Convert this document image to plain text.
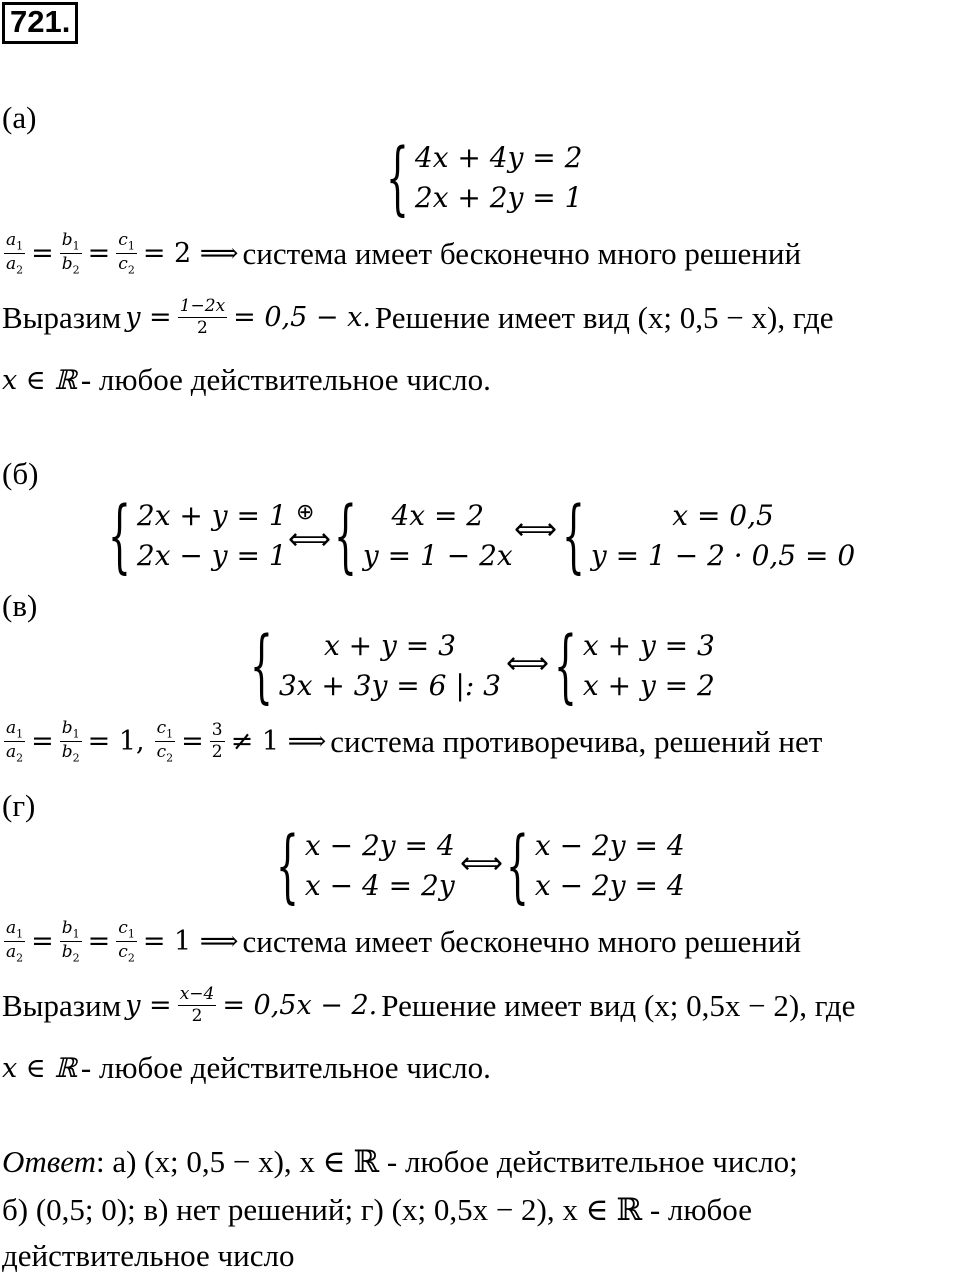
721.
(а)
{ 4x + 4y = 2
2x + 2y = 1
$\frac{a_1}{a_2} = \frac{b_1}{b_2} = \frac{c_1}{c_2} = 2$ ⟹ система имеет бесконечно много решений
Выразим $y = \frac{1-2x}{2} = 0,5 - x$. Решение имеет вид (x; 0,5 − x), где
x ∈ ℝ - любое действительное число.
(б)
{ 2x + y = 1
2x − y = 1
⊕
⟺ {	4x = 2
y = 1 − 2x
⟺ {	x = 0,5
y = 1 − 2 · 0,5 = 0
(в)
{	x + y = 3
3x + 3y = 6 |: 3
⟺ { x + y = 3
x + y = 2
$\frac{a_1}{a_2} = \frac{b_1}{b_2} = 1$, $\frac{c_1}{c_2} = \frac{3}{2} \ne 1$ ⟹ система противоречива, решений нет
(г)
{ x − 2y = 4
x − 4 = 2y
⟺ { x − 2y = 4
x − 2y = 4
$\frac{a_1}{a_2} = \frac{b_1}{b_2} = \frac{c_1}{c_2} = 1$ ⟹ система имеет бесконечно много решений
Выразим $y = \frac{x-4}{2} = 0,5x - 2$. Решение имеет вид (x; 0,5x − 2), где
x ∈ ℝ - любое действительное число.
Ответ: а) (x; 0,5 − x), x ∈ ℝ - любое действительное число;
б) (0,5; 0); в) нет решений; г) (x; 0,5x − 2), x ∈ ℝ - любое
действительное число
